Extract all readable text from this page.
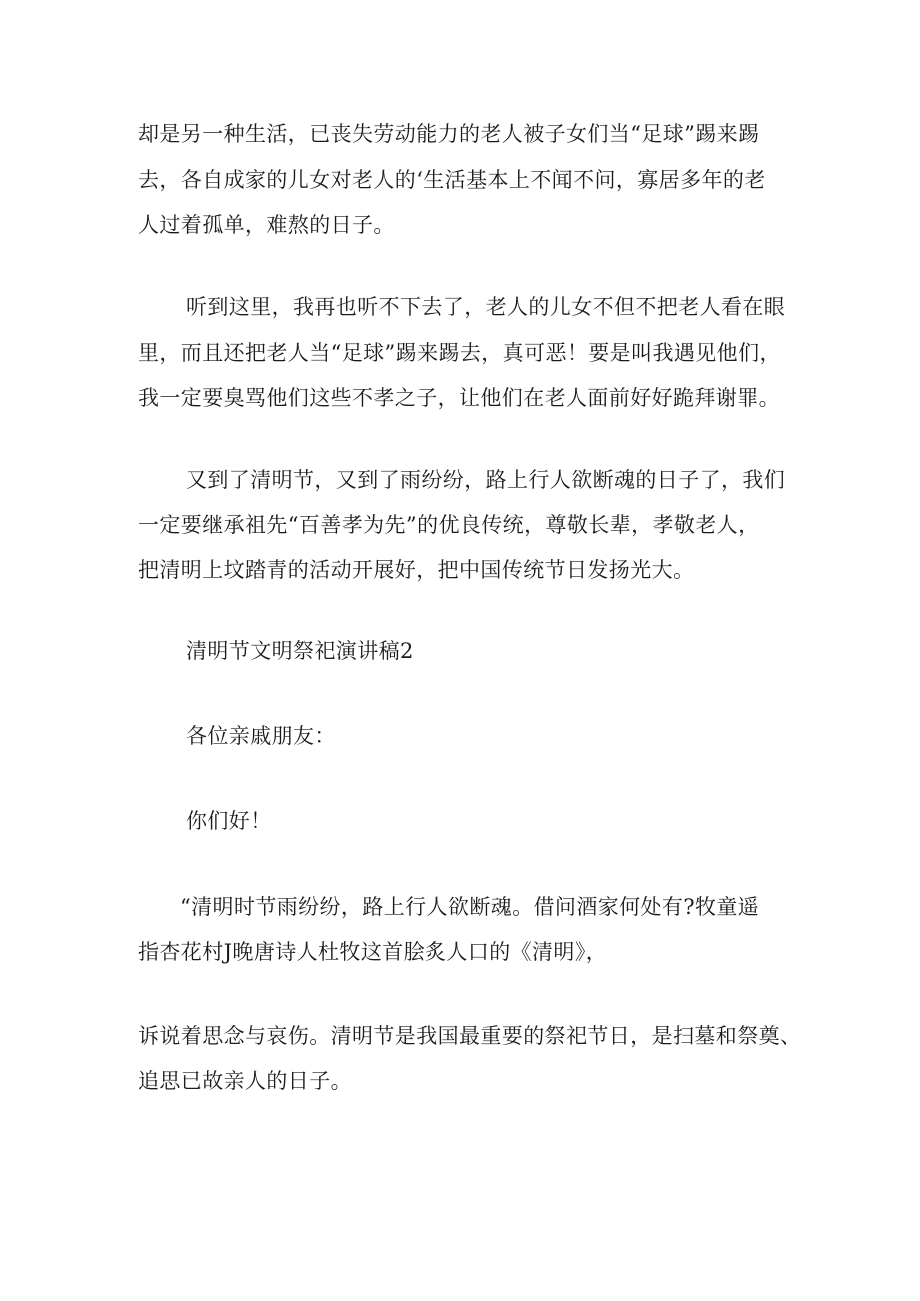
却是另一种生活，已丧失劳动能力的老人被子女们当“足球”踢来踢
去，各自成家的儿女对老人的‘生活基本上不闻不问，寡居多年的老
人过着孤单，难熬的日子。
听到这里，我再也听不下去了，老人的儿女不但不把老人看在眼
里，而且还把老人当“足球”踢来踢去，真可恶！要是叫我遇见他们，
我一定要臭骂他们这些不孝之子，让他们在老人面前好好跪拜谢罪。
又到了清明节，又到了雨纷纷，路上行人欲断魂的日子了，我们
一定要继承祖先“百善孝为先”的优良传统，尊敬长辈，孝敬老人，
把清明上坟踏青的活动开展好，把中国传统节日发扬光大。
清明节文明祭祀演讲稿2
各位亲戚朋友：
你们好！
“清明时节雨纷纷，路上行人欲断魂。借问酒家何处有?牧童遥
指杏花村J晚唐诗人杜牧这首脍炙人口的《清明》，
诉说着思念与哀伤。清明节是我国最重要的祭祀节日，是扫墓和祭奠、
追思已故亲人的日子。
